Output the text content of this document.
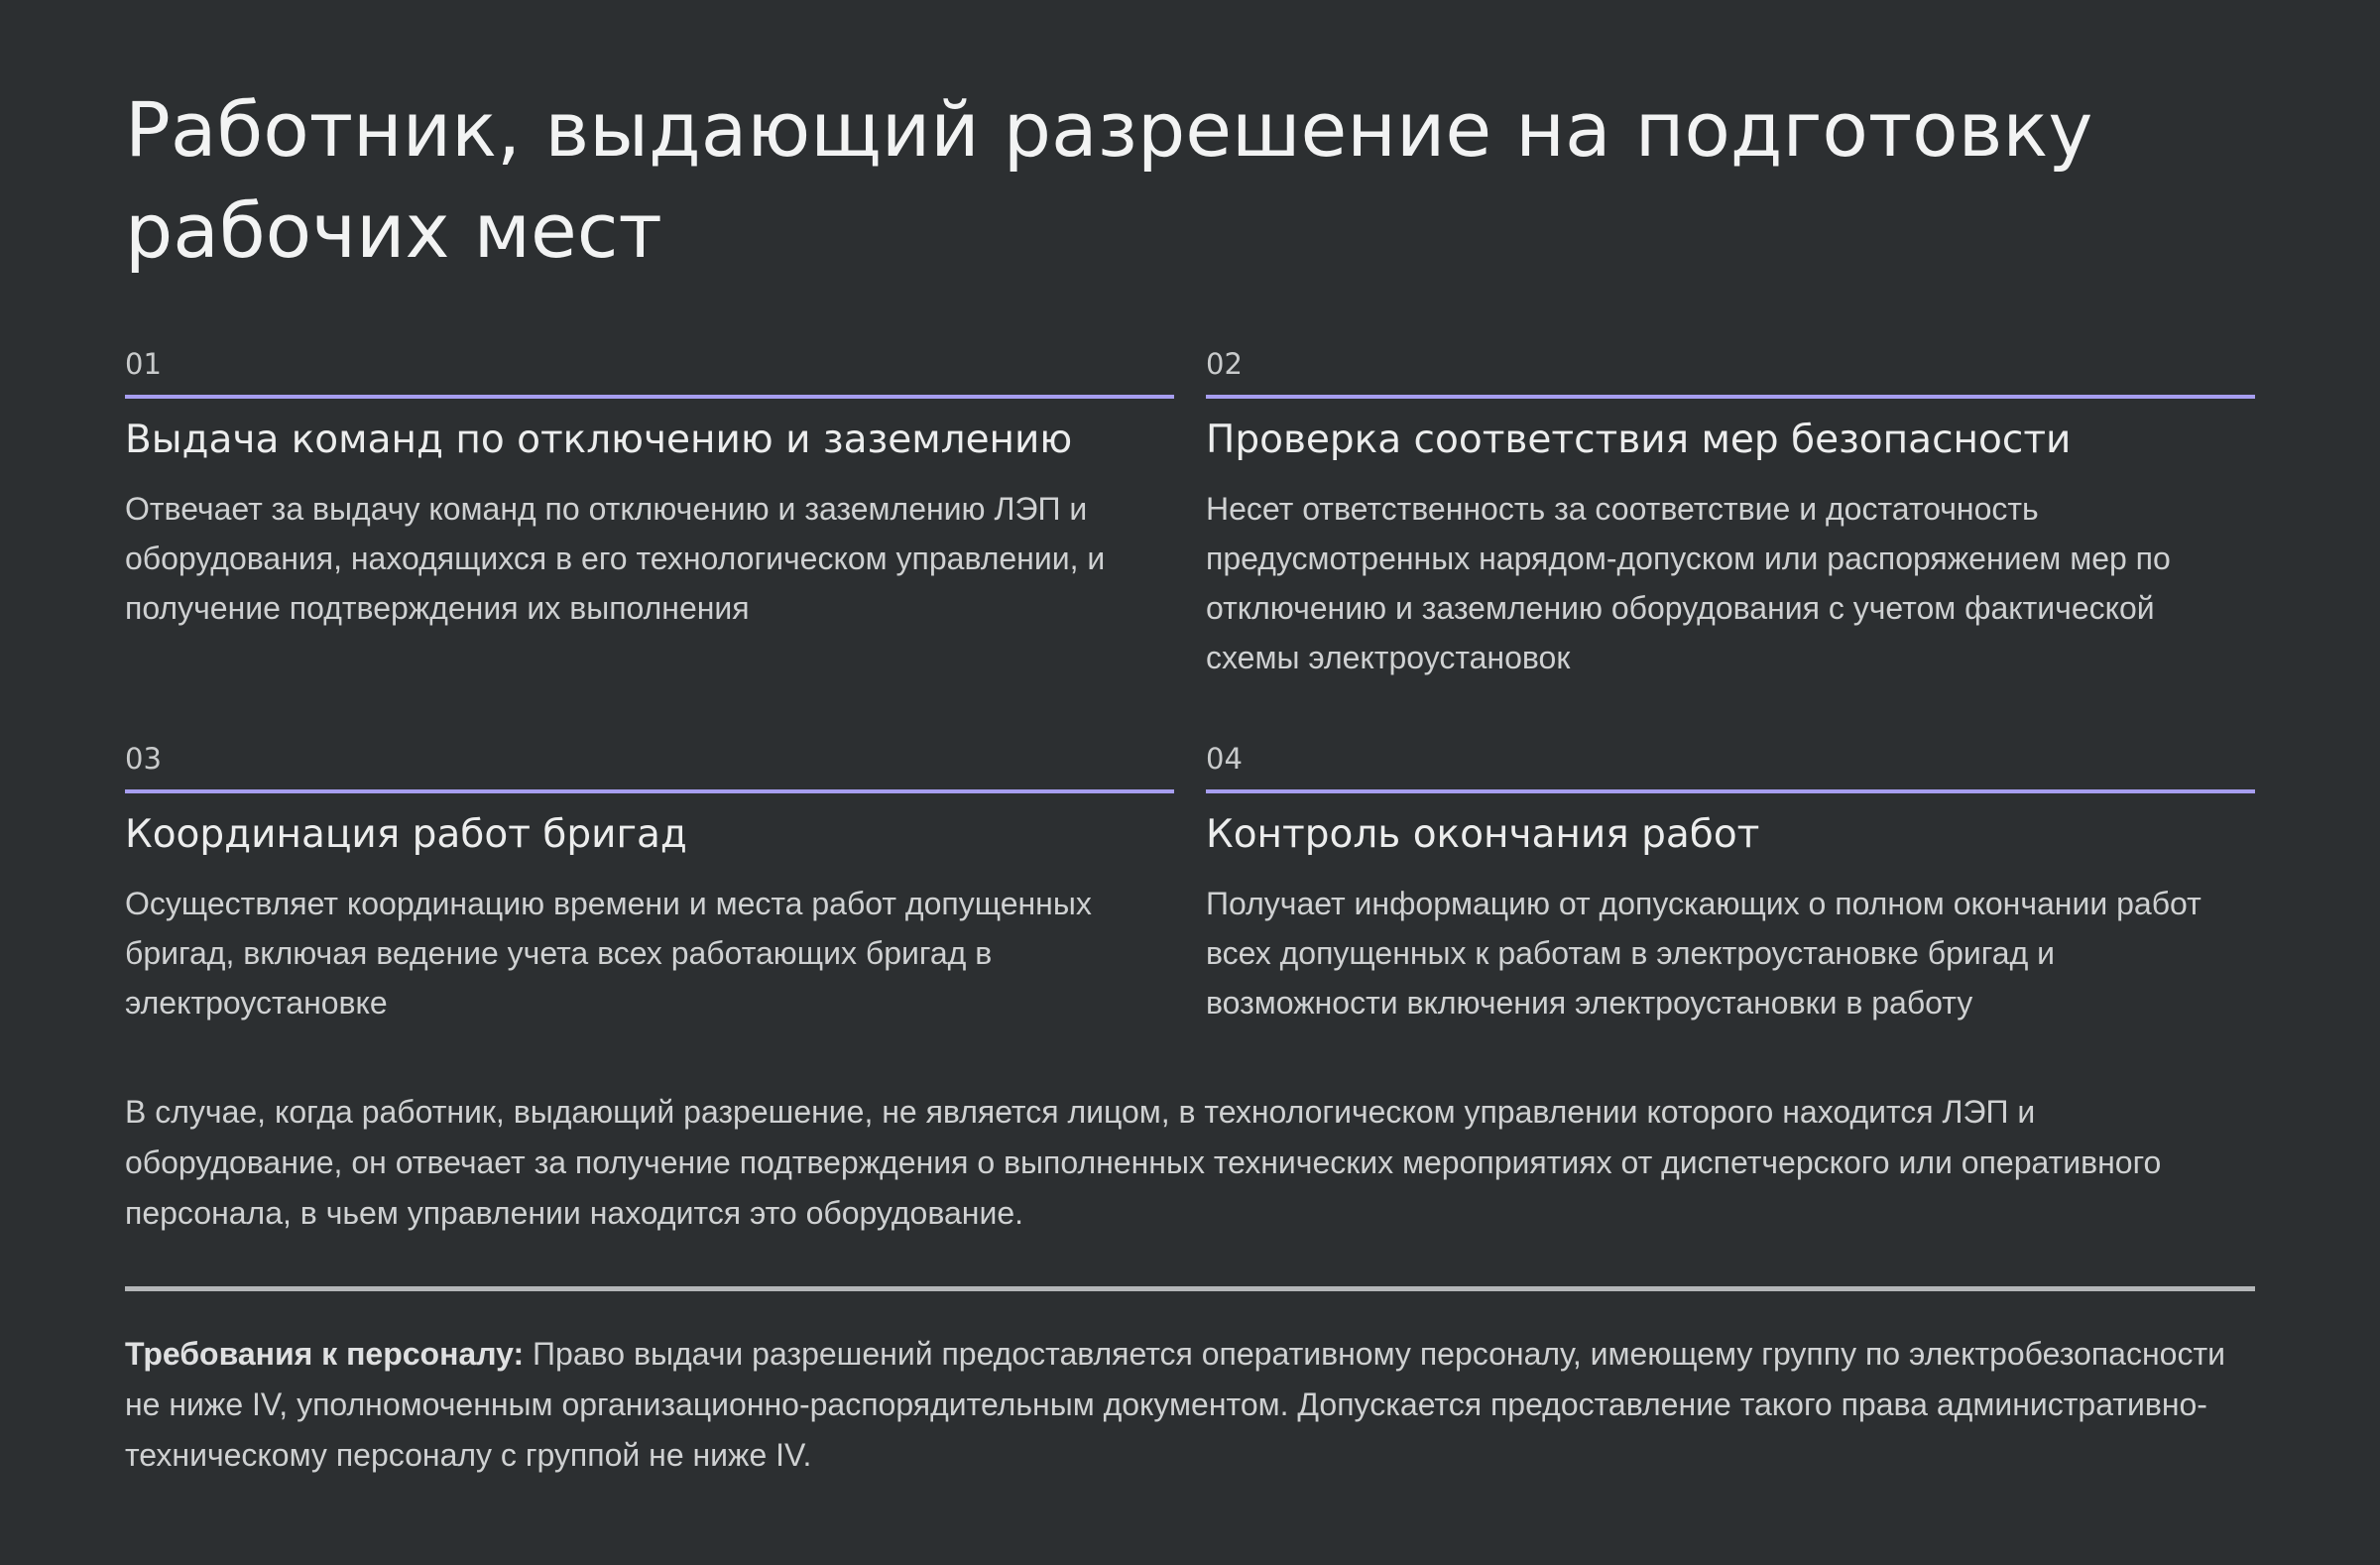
Работник, выдающий разрешение на подготовку рабочих мест
01
Выдача команд по отключению и заземлению

Отвечает за выдачу команд по отключению и заземлению ЛЭП и оборудования, находящихся в его технологическом управлении, и получение подтверждения их выполнения

02
Проверка соответствия мер безопасности

Несет ответственность за соответствие и достаточность предусмотренных нарядом-допуском или распоряжением мер по отключению и заземлению оборудования с учетом фактической схемы электроустановок

03
Координация работ бригад

Осуществляет координацию времени и места работ допущенных бригад, включая ведение учета всех работающих бригад в электроустановке

04
Контроль окончания работ

Получает информацию от допускающих о полном окончании работ всех допущенных к работам в электроустановке бригад и возможности включения электроустановки в работу

В случае, когда работник, выдающий разрешение, не является лицом, в технологическом управлении которого находится ЛЭП и оборудование, он отвечает за получение подтверждения о выполненных технических мероприятиях от диспетчерского или оперативного персонала, в чьем управлении находится это оборудование.

Требования к персоналу: Право выдачи разрешений предоставляется оперативному персоналу, имеющему группу по электробезопасности не ниже IV, уполномоченным организационно-распорядительным документом. Допускается предоставление такого права административно-техническому персоналу с группой не ниже IV.
